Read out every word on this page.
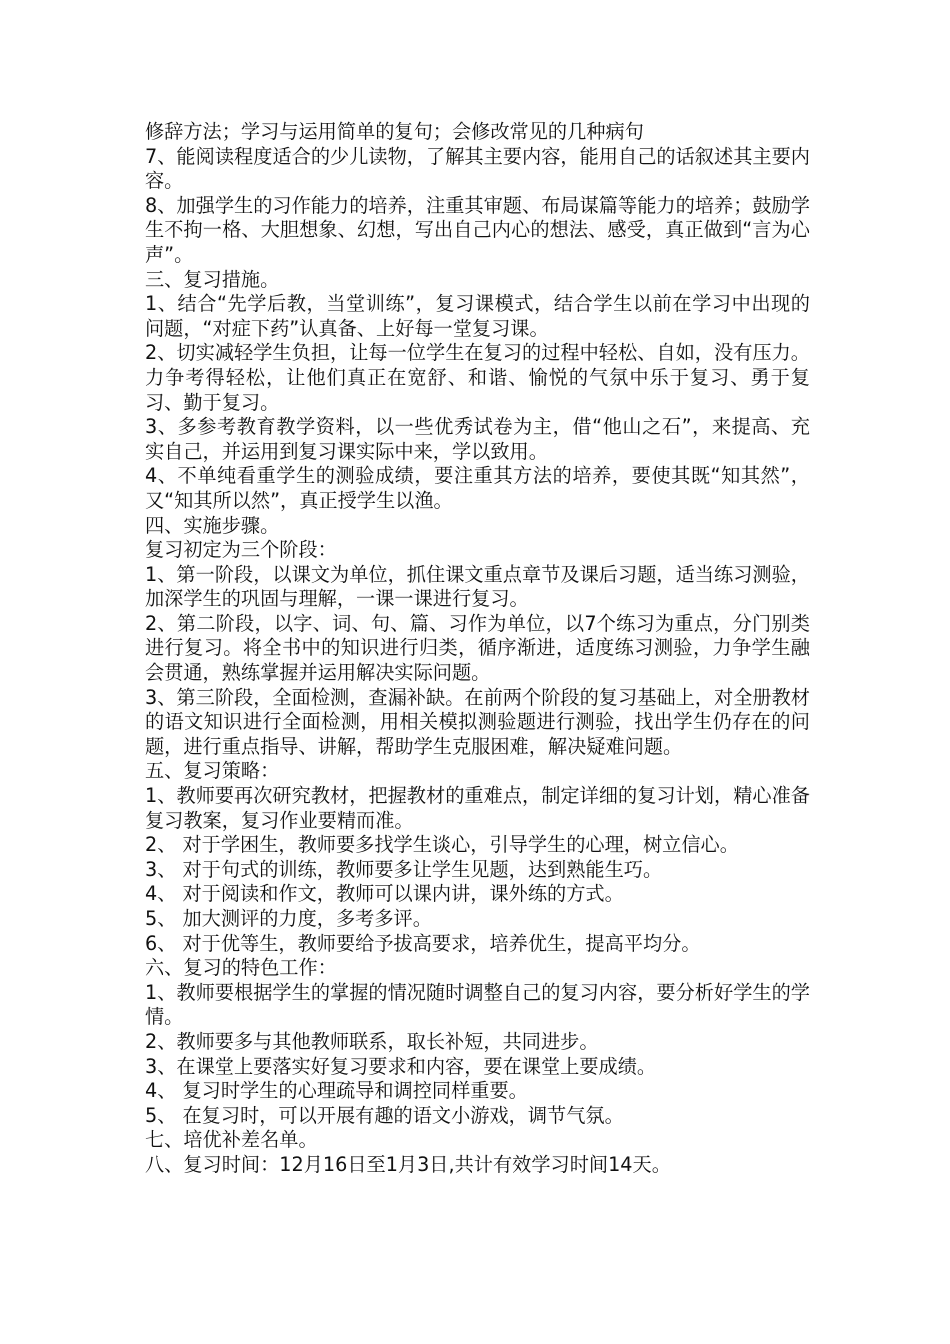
修辞方法；学习与运用简单的复句；会修改常见的几种病句

7、能阅读程度适合的少儿读物，了解其主要内容，能用自己的话叙述其主要内容。

8、加强学生的习作能力的培养，注重其审题、布局谋篇等能力的培养；鼓励学生不拘一格、大胆想象、幻想，写出自己内心的想法、感受，真正做到“言为心声”。

三、复习措施。

1、结合“先学后教，当堂训练”，复习课模式，结合学生以前在学习中出现的问题，“对症下药”认真备、上好每一堂复习课。

2、切实减轻学生负担，让每一位学生在复习的过程中轻松、自如，没有压力。力争考得轻松，让他们真正在宽舒、和谐、愉悦的气氛中乐于复习、勇于复习、勤于复习。

3、多参考教育教学资料，以一些优秀试卷为主，借“他山之石”，来提高、充实自己，并运用到复习课实际中来，学以致用。

4、不单纯看重学生的测验成绩，要注重其方法的培养，要使其既“知其然”，又“知其所以然”，真正授学生以渔。

四、实施步骤。

复习初定为三个阶段：

1、第一阶段，以课文为单位，抓住课文重点章节及课后习题，适当练习测验，加深学生的巩固与理解，一课一课进行复习。

2、第二阶段，以字、词、句、篇、习作为单位，以7个练习为重点，分门别类进行复习。将全书中的知识进行归类，循序渐进，适度练习测验，力争学生融会贯通，熟练掌握并运用解决实际问题。

3、第三阶段，全面检测，查漏补缺。在前两个阶段的复习基础上，对全册教材的语文知识进行全面检测，用相关模拟测验题进行测验，找出学生仍存在的问题，进行重点指导、讲解，帮助学生克服困难，解决疑难问题。

五、复习策略：

1、教师要再次研究教材，把握教材的重难点，制定详细的复习计划，精心准备复习教案，复习作业要精而准。

2、 对于学困生，教师要多找学生谈心，引导学生的心理，树立信心。

3、 对于句式的训练，教师要多让学生见题，达到熟能生巧。

4、 对于阅读和作文，教师可以课内讲，课外练的方式。

5、 加大测评的力度，多考多评。

6、 对于优等生，教师要给予拔高要求，培养优生，提高平均分。

六、复习的特色工作：

1、教师要根据学生的掌握的情况随时调整自己的复习内容，要分析好学生的学情。

2、教师要多与其他教师联系，取长补短，共同进步。

3、在课堂上要落实好复习要求和内容，要在课堂上要成绩。

4、 复习时学生的心理疏导和调控同样重要。

5、 在复习时，可以开展有趣的语文小游戏，调节气氛。

七、培优补差名单。

八、复习时间：12月16日至1月3日,共计有效学习时间14天。
